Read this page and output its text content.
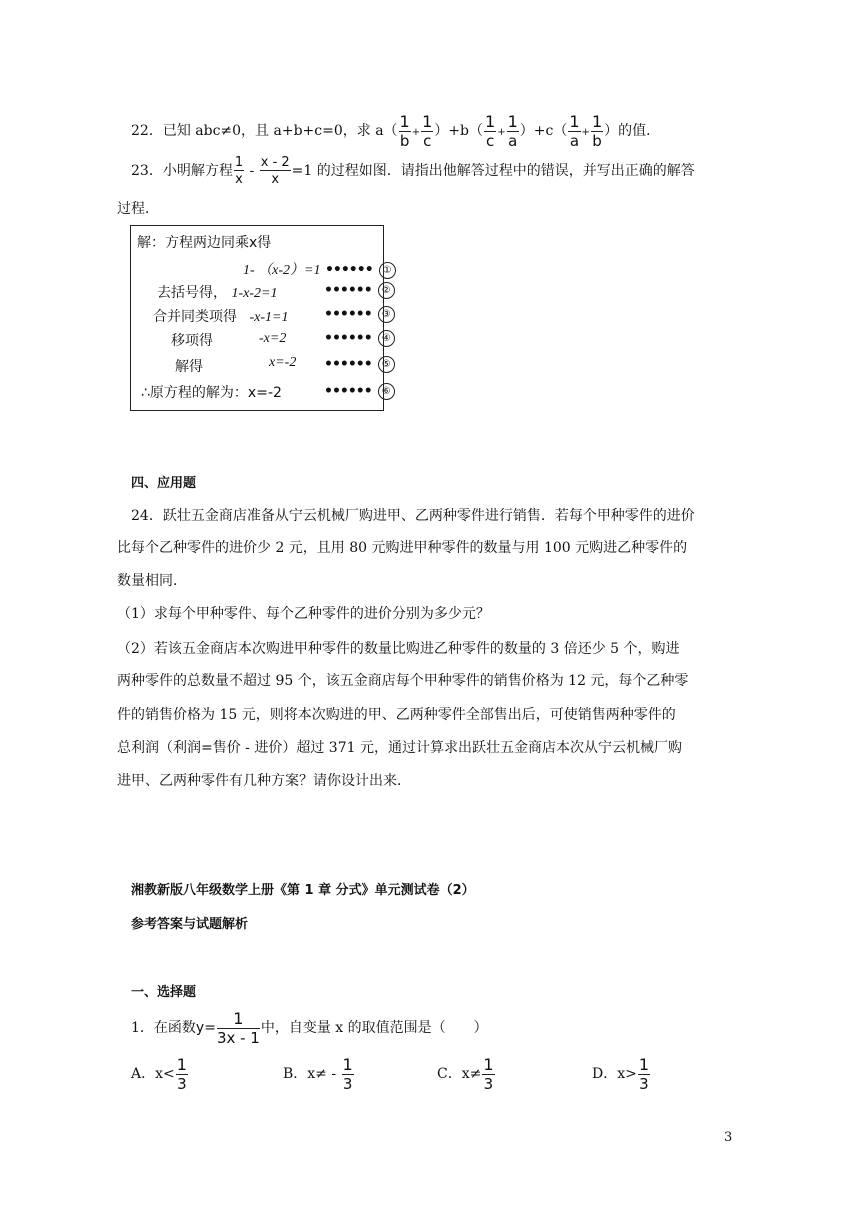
22．已知 abc≠0，且 a+b+c=0，求 $a( \frac{1}{b} + \frac{1}{c} )+b( \frac{1}{c} + \frac{1}{a} )+c( \frac{1}{a} + \frac{1}{b}$ ）的值．
23．小明解方程 $\frac{1}{x} - \frac{x - 2}{x} =1$ 的过程如图．请指出他解答过程中的错误，并写出正确的解答
过程．
解：方程两边同乘x得
1- （x-2）=1 •••••• ①
去括号得， 1-x-2=1	•••••• ②
合并同类项得 -x-1=1	•••••• ③
移项得	-x=2	•••••• ④
解得	x=-2 •••••• ⑤
∴原方程的解为：x=-2	•••••• ⑥
四、应用题

24．跃壮五金商店准备从宁云机械厂购进甲、乙两种零件进行销售．若每个甲种零件的进价

比每个乙种零件的进价少 2 元，且用 80 元购进甲种零件的数量与用 100 元购进乙种零件的

数量相同．

（1）求每个甲种零件、每个乙种零件的进价分别为多少元？

（2）若该五金商店本次购进甲种零件的数量比购进乙种零件的数量的 3 倍还少 5 个，购进

两种零件的总数量不超过 95 个，该五金商店每个甲种零件的销售价格为 12 元，每个乙种零

件的销售价格为 15 元，则将本次购进的甲、乙两种零件全部售出后，可使销售两种零件的

总利润（利润=售价 - 进价）超过 371 元，通过计算求出跃壮五金商店本次从宁云机械厂购

进甲、乙两种零件有几种方案？请你设计出来．

湘教新版八年级数学上册《第 1 章 分式》单元测试卷（2）
参考答案与试题解析
一、选择题
1．在函数$y= \frac{1}{3x - 1}$ 中，自变量 x 的取值范围是（　　）
A．$x< \frac{1}{3}$	B．$x\ne - \frac{1}{3}$	C．$x\ne \frac{1}{3}$	D．$x> \frac{1}{3}$
3
